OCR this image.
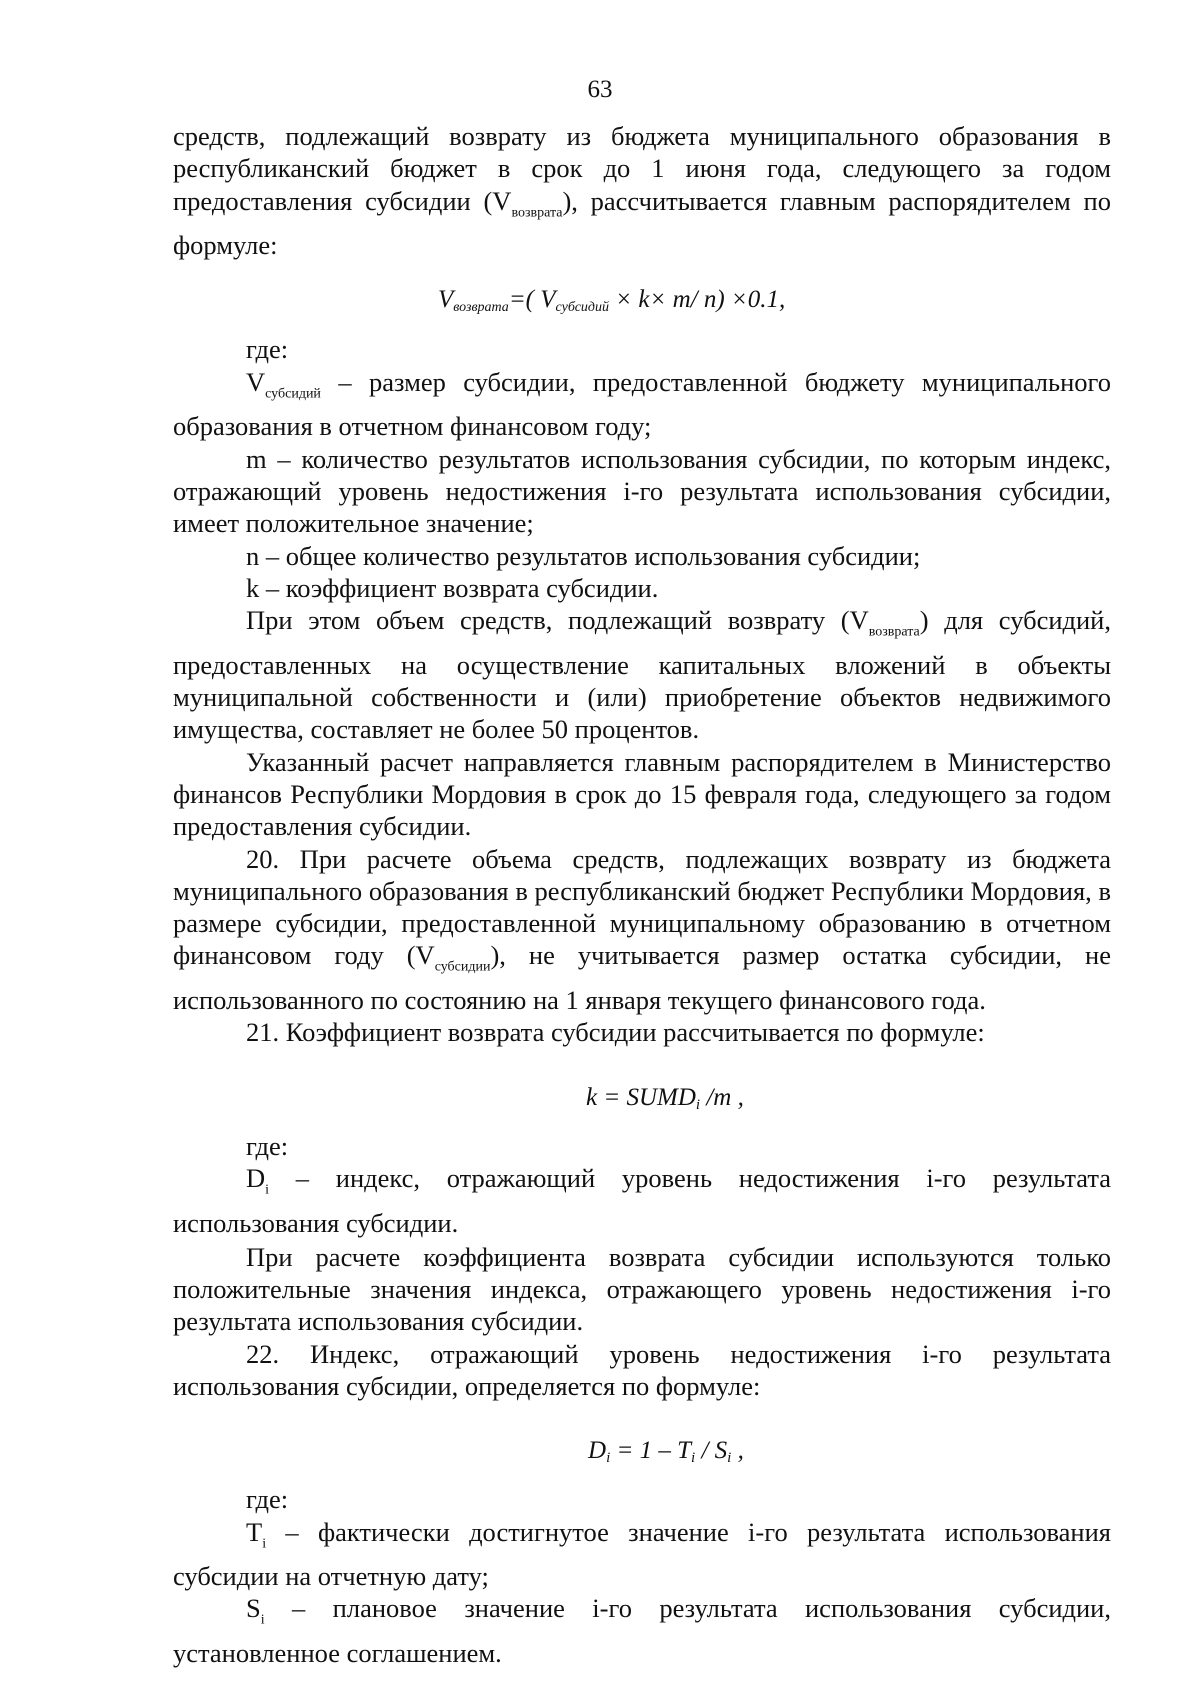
63

средств, подлежащий возврату из бюджета муниципального образования в республиканский бюджет в срок до 1 июня года, следующего за годом предоставления субсидии $(V_{возврата})$, рассчитывается главным распорядителем по формуле:

$V_{возврата}=$( $V_{субсидий} \times k\times m/$ n) ×0.1,

где:

$V_{субсидий}$ – размер субсидии, предоставленной бюджету муниципального образования в отчетном финансовом году;

m – количество результатов использования субсидии, по которым индекс, отражающий уровень недостижения i-го результата использования субсидии, имеет положительное значение;

n – общее количество результатов использования субсидии;

k – коэффициент возврата субсидии.

При этом объем средств, подлежащий возврату $(V_{возврата})$ для субсидий, предоставленных на осуществление капитальных вложений в объекты муниципальной собственности и (или) приобретение объектов недвижимого имущества, составляет не более 50 процентов.

Указанный расчет направляется главным распорядителем в Министерство финансов Республики Мордовия в срок до 15 февраля года, следующего за годом предоставления субсидии.

20. При расчете объема средств, подлежащих возврату из бюджета муниципального образования в республиканский бюджет Республики Мордовия, в размере субсидии, предоставленной муниципальному образованию в отчетном финансовом году $(V_{субсидии})$, не учитывается размер остатка субсидии, не использованного по состоянию на 1 января текущего финансового года.

21. Коэффициент возврата субсидии рассчитывается по формуле:

$k = SUMD_i$ /m ,

где:

$D_i$ – индекс, отражающий уровень недостижения i-го результата использования субсидии.

При расчете коэффициента возврата субсидии используются только положительные значения индекса, отражающего уровень недостижения i-го результата использования субсидии.

22. Индекс, отражающий уровень недостижения i-го результата использования субсидии, определяется по формуле:

$D_i = 1 - T_i / S_i$ ,

где:

$T_i$ – фактически достигнутое значение i-го результата использования субсидии на отчетную дату;

$S_i$ – плановое значение i-го результата использования субсидии, установленное соглашением.
